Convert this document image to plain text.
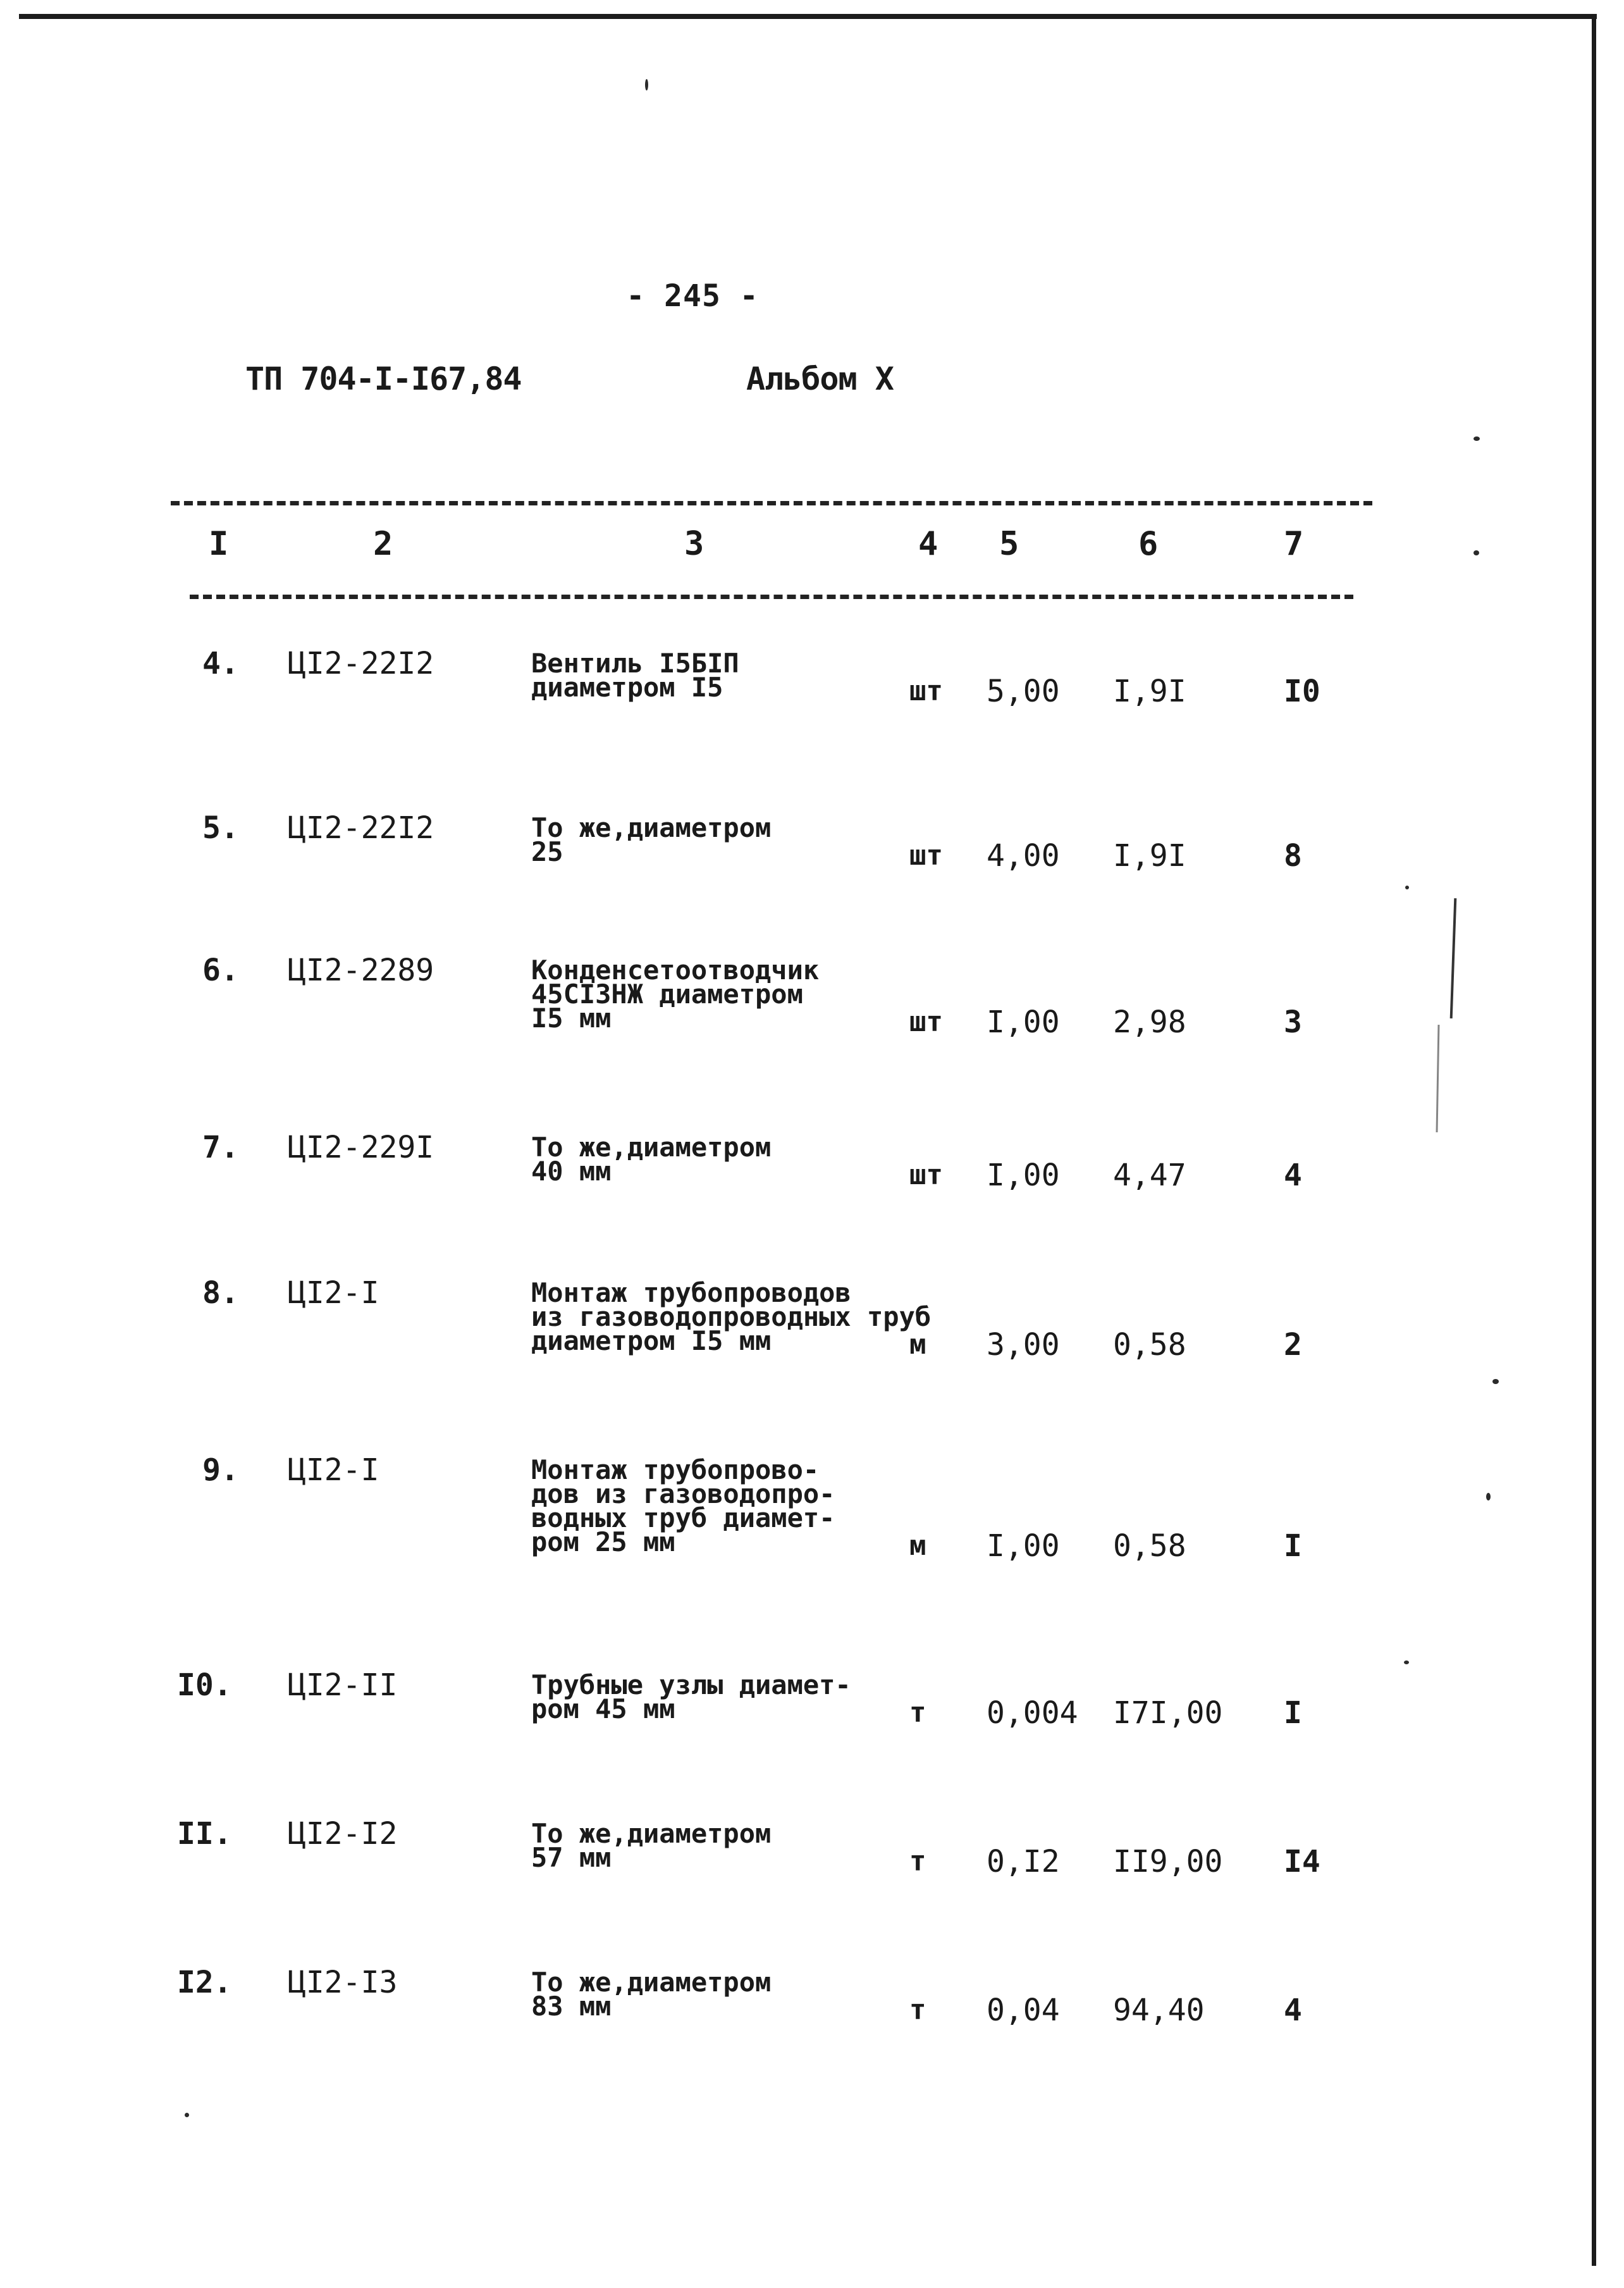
- 245 -
ТП 704-I-I67,84	Альбом X
I	2	3	4 5	6	7
4. ЦI2-22I2	Вентиль I5БIП
диаметром I5	шт 5,00 I,9I	I0
5. ЦI2-22I2	То же,диаметром
25	шт 4,00 I,9I	8
6. ЦI2-2289	Конденсетоотводчик
45СI3НЖ диаметром
I5 мм	шт I,00 2,98	3
7. ЦI2-229I	То же,диаметром
40 мм	шт I,00 4,47	4
8. ЦI2-I	Монтаж трубопроводов
из газоводопроводных труб
диаметром I5 мм	м 3,00 0,58	2
9. ЦI2-I	Монтаж трубопрово-
дов из газоводопро-
водных труб диамет-
ром 25 мм	м I,00 0,58	I
I0. ЦI2-II	Трубные узлы диамет-
ром 45 мм	т 0,004 I7I,00 I
II. ЦI2-I2	То же,диаметром
57 мм	т 0,I2 II9,00 I4
I2. ЦI2-I3	То же,диаметром
83 мм	т 0,04 94,40	4
